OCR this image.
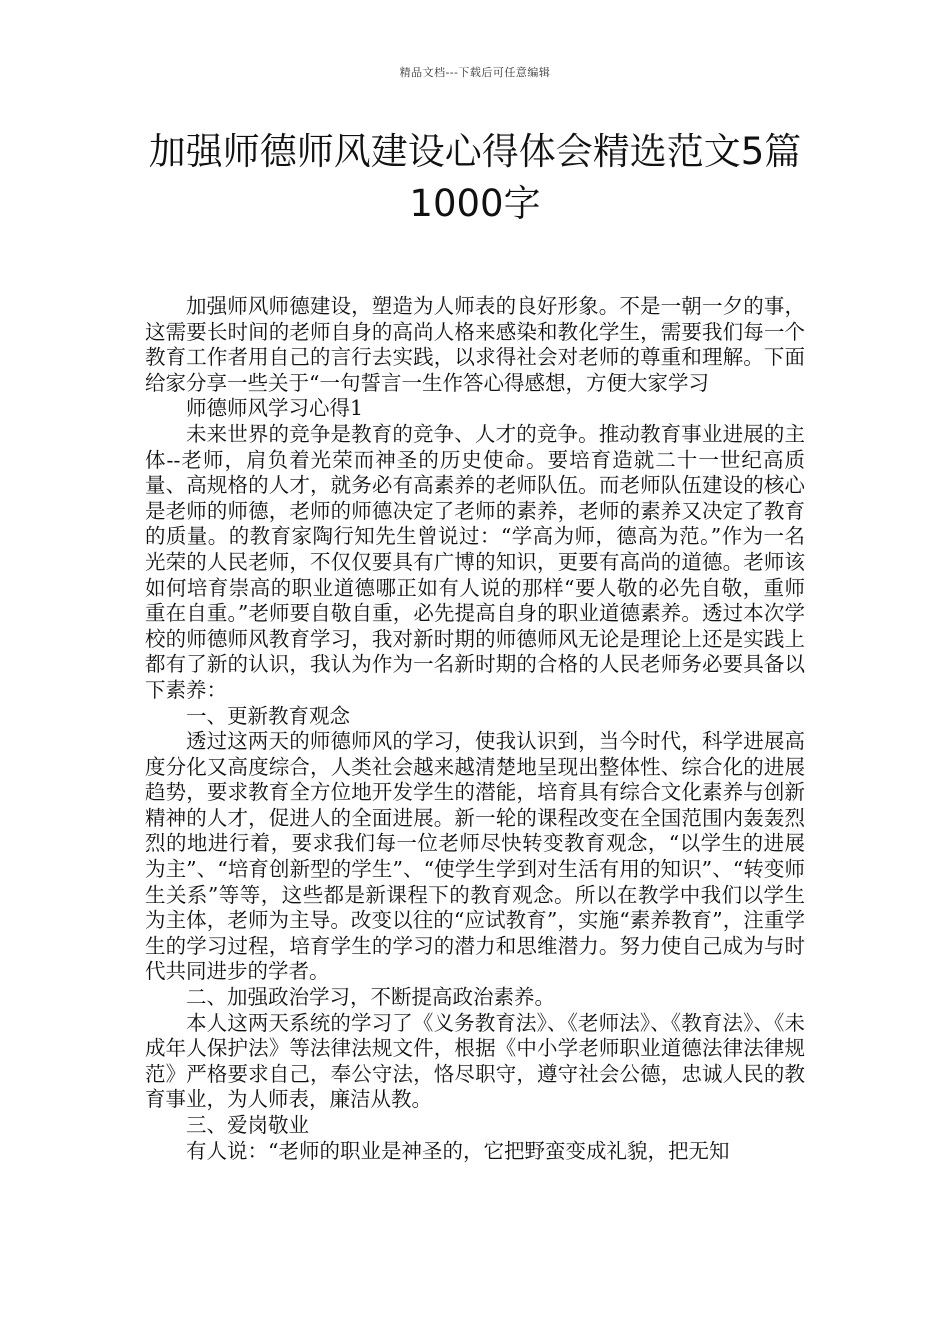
精品文档---下载后可任意编辑
加强师德师风建设心得体会精选范文5篇1000字

加强师风师德建设，塑造为人师表的良好形象。不是一朝一夕的事，这需要长时间的老师自身的高尚人格来感染和教化学生，需要我们每一个教育工作者用自己的言行去实践，以求得社会对老师的尊重和理解。下面给家分享一些关于“一句誓言一生作答心得感想，方便大家学习

师德师风学习心得1

未来世界的竞争是教育的竞争、人才的竞争。推动教育事业进展的主体--老师，肩负着光荣而神圣的历史使命。要培育造就二十一世纪高质量、高规格的人才，就务必有高素养的老师队伍。而老师队伍建设的核心是老师的师德，老师的师德决定了老师的素养，老师的素养又决定了教育的质量。的教育家陶行知先生曾说过：“学高为师，德高为范。”作为一名光荣的人民老师，不仅仅要具有广博的知识，更要有高尚的道德。老师该如何培育崇高的职业道德哪正如有人说的那样“要人敬的必先自敬，重师重在自重。”老师要自敬自重，必先提高自身的职业道德素养。透过本次学校的师德师风教育学习，我对新时期的师德师风无论是理论上还是实践上都有了新的认识，我认为作为一名新时期的合格的人民老师务必要具备以下素养：

一、更新教育观念

透过这两天的师德师风的学习，使我认识到，当今时代，科学进展高度分化又高度综合，人类社会越来越清楚地呈现出整体性、综合化的进展趋势，要求教育全方位地开发学生的潜能，培育具有综合文化素养与创新精神的人才，促进人的全面进展。新一轮的课程改变在全国范围内轰轰烈烈的地进行着，要求我们每一位老师尽快转变教育观念，“以学生的进展为主”、“培育创新型的学生”、“使学生学到对生活有用的知识”、“转变师生关系”等等，这些都是新课程下的教育观念。所以在教学中我们以学生为主体，老师为主导。改变以往的“应试教育”，实施“素养教育”，注重学生的学习过程，培育学生的学习的潜力和思维潜力。努力使自己成为与时代共同进步的学者。

二、加强政治学习，不断提高政治素养。

本人这两天系统的学习了《义务教育法》、《老师法》、《教育法》、《未成年人保护法》等法律法规文件，根据《中小学老师职业道德法律法律规范》严格要求自己，奉公守法，恪尽职守，遵守社会公德，忠诚人民的教育事业，为人师表，廉洁从教。

三、爱岗敬业

有人说：“老师的职业是神圣的，它把野蛮变成礼貌，把无知
